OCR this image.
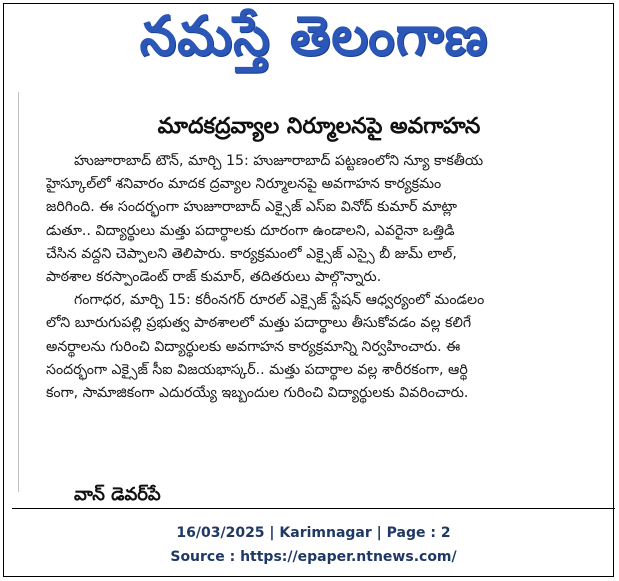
నమస్తే తెలంగాణ
మాదకద్రవ్యాల నిర్మూలనపై అవగాహన
హుజూరాబాద్ టౌన్, మార్చి 15: హుజూరాబాద్ పట్టణంలోని న్యూ కాకతీయ
హైస్కూల్‌లో శనివారం మాదక ద్రవ్యాల నిర్మూలనపై అవగాహన కార్యక్రమం
జరిగింది. ఈ సందర్భంగా హుజూరాబాద్ ఎక్సైజ్ ఎస్ఐ వినోద్ కుమార్ మాట్లా
డుతూ.. విద్యార్థులు మత్తు పదార్థాలకు దూరంగా ఉండాలని, ఎవరైనా ఒత్తిడి
చేసిన వద్దని చెప్పాలని తెలిపారు. కార్యక్రమంలో ఎక్సైజ్ ఎస్సై బీ జుమ్ లాల్,
పాఠశాల కరస్పాండెంట్ రాజ్ కుమార్, తదితరులు పాల్గొన్నారు.
గంగాధర, మార్చి 15: కరీంనగర్ రూరల్ ఎక్సైజ్ స్టేషన్ ఆధ్వర్యంలో మండలం
లోని బూరుగుపల్లి ప్రభుత్వ పాఠశాలలో మత్తు పదార్థాలు తీసుకోవడం వల్ల కలిగే
అనర్థాలను గురించి విద్యార్థులకు అవగాహన కార్యక్రమాన్ని నిర్వహించారు. ఈ
సందర్భంగా ఎక్సైజ్ సీఐ విజయభాస్కర్.. మత్తు పదార్థాల వల్ల శారీరకంగా, ఆర్థి
కంగా, సామాజికంగా ఎదురయ్యే ఇబ్బందుల గురించి విద్యార్థులకు వివరించారు.
వాన్ డెవర్‌పే
16/03/2025 | Karimnagar | Page : 2
Source : https://epaper.ntnews.com/
